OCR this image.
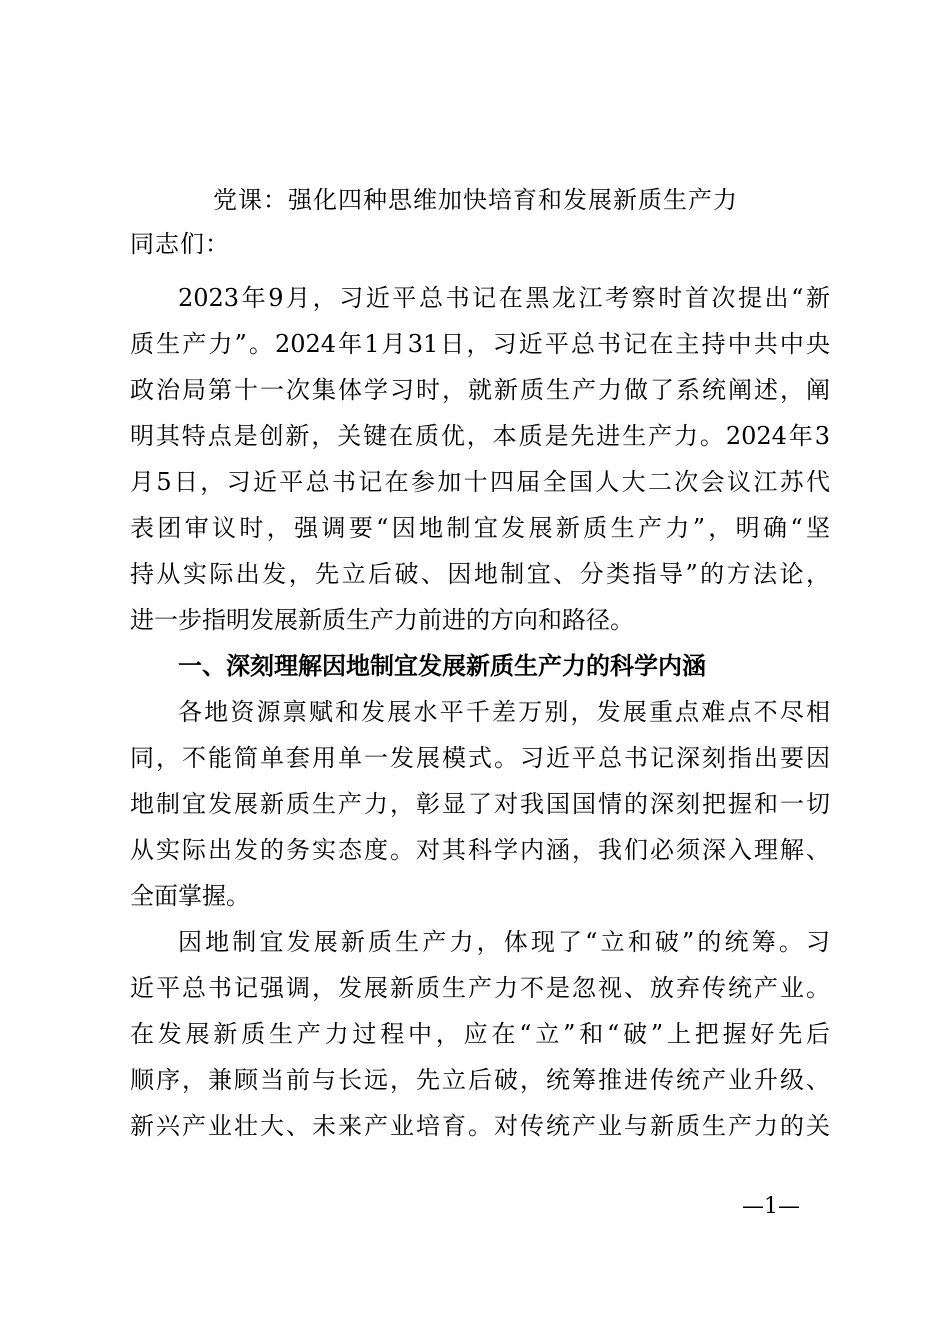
党课：强化四种思维加快培育和发展新质生产力
同志们：
2023年9月，习近平总书记在黑龙江考察时首次提出“新
质生产力”。2024年1月31日，习近平总书记在主持中共中央
政治局第十一次集体学习时，就新质生产力做了系统阐述，阐
明其特点是创新，关键在质优，本质是先进生产力。2024年3
月5日，习近平总书记在参加十四届全国人大二次会议江苏代
表团审议时，强调要“因地制宜发展新质生产力”，明确“坚
持从实际出发，先立后破、因地制宜、分类指导”的方法论，
进一步指明发展新质生产力前进的方向和路径。
一、深刻理解因地制宜发展新质生产力的科学内涵
各地资源禀赋和发展水平千差万别，发展重点难点不尽相
同，不能简单套用单一发展模式。习近平总书记深刻指出要因
地制宜发展新质生产力，彰显了对我国国情的深刻把握和一切
从实际出发的务实态度。对其科学内涵，我们必须深入理解、
全面掌握。
因地制宜发展新质生产力，体现了“立和破”的统筹。习
近平总书记强调，发展新质生产力不是忽视、放弃传统产业。
在发展新质生产力过程中，应在“立”和“破”上把握好先后
顺序，兼顾当前与长远，先立后破，统筹推进传统产业升级、
新兴产业壮大、未来产业培育。对传统产业与新质生产力的关
—1—
